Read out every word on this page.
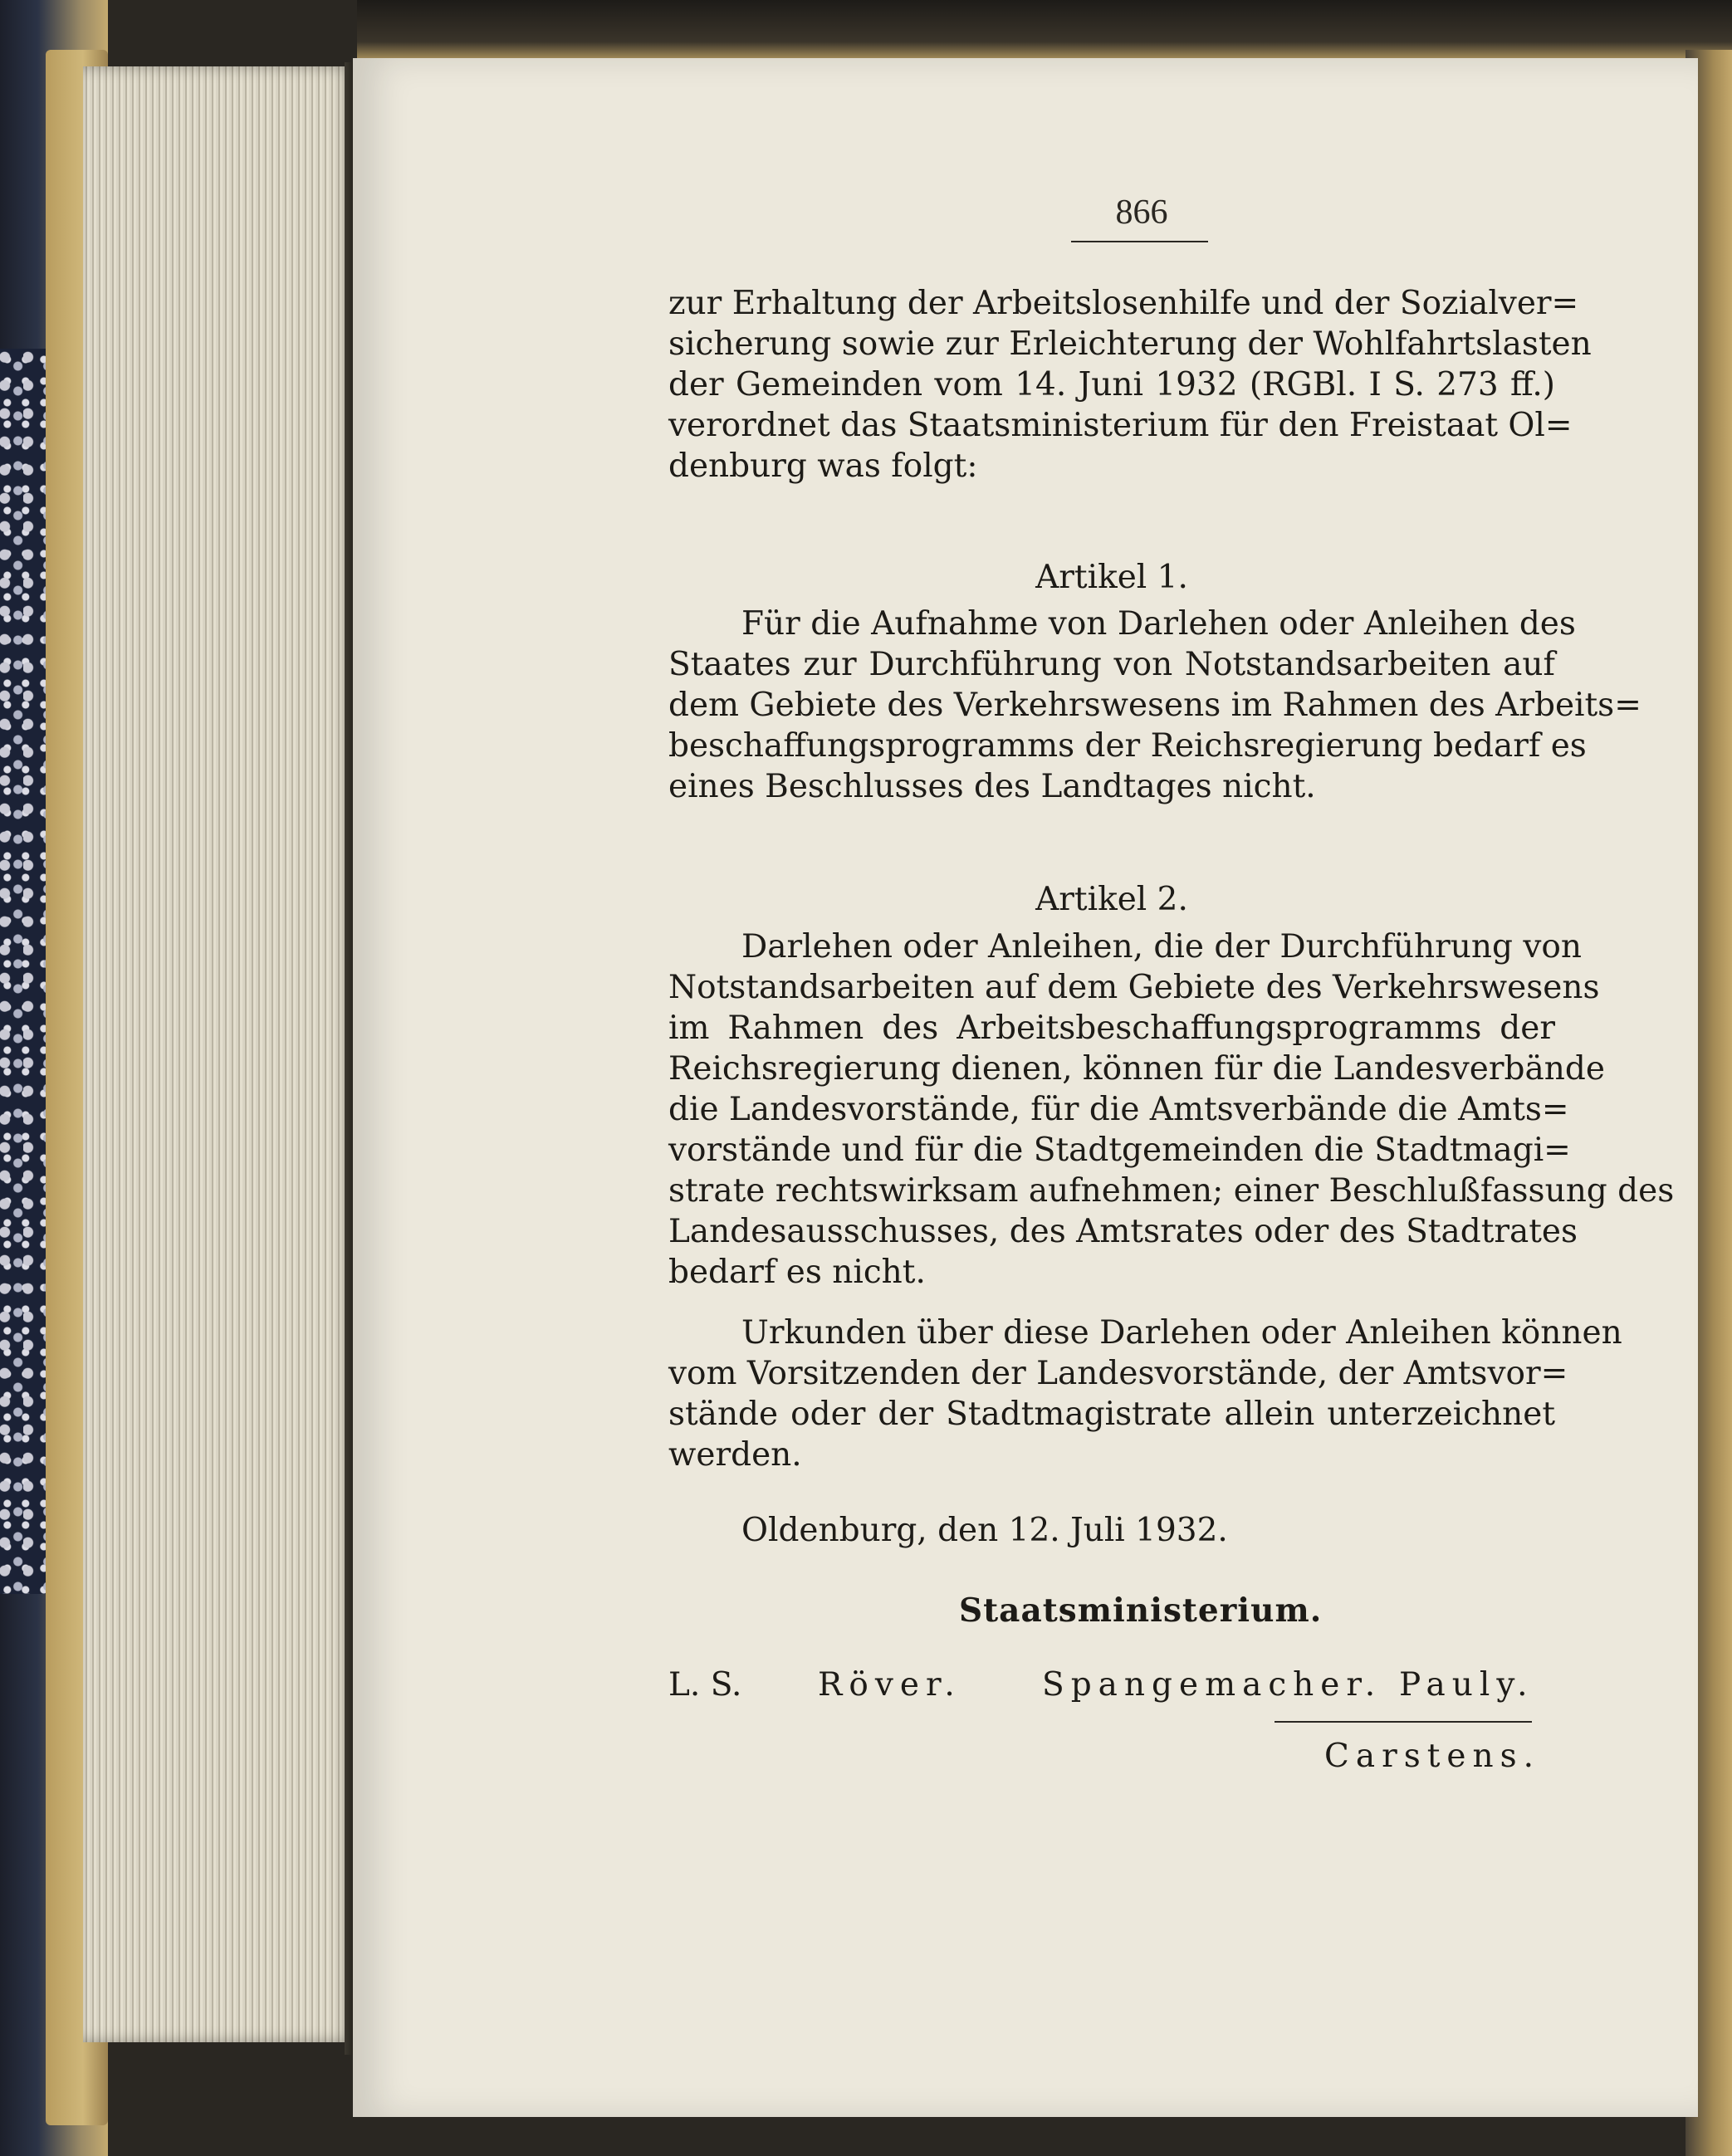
866
zur Erhaltung der Arbeitslosenhilfe und der Sozialver=
sicherung sowie zur Erleichterung der Wohlfahrtslasten
der Gemeinden vom 14. Juni 1932 (RGBl. I S. 273 ff.)
verordnet das Staatsministerium für den Freistaat Ol=
denburg was folgt:
Artikel 1.
Für die Aufnahme von Darlehen oder Anleihen des
Staates zur Durchführung von Notstandsarbeiten auf
dem Gebiete des Verkehrswesens im Rahmen des Arbeits=
beschaffungsprogramms der Reichsregierung bedarf es
eines Beschlusses des Landtages nicht.
Artikel 2.
Darlehen oder Anleihen, die der Durchführung von
Notstandsarbeiten auf dem Gebiete des Verkehrswesens
im Rahmen des Arbeitsbeschaffungsprogramms der
Reichsregierung dienen, können für die Landesverbände
die Landesvorstände, für die Amtsverbände die Amts=
vorstände und für die Stadtgemeinden die Stadtmagi=
strate rechtswirksam aufnehmen; einer Beschlußfassung des
Landesausschusses, des Amtsrates oder des Stadtrates
bedarf es nicht.
Urkunden über diese Darlehen oder Anleihen können
vom Vorsitzenden der Landesvorstände, der Amtsvor=
stände oder der Stadtmagistrate allein unterzeichnet
werden.
Oldenburg, den 12. Juli 1932.
Staatsministerium.
L. S.	Röver.	Spangemacher. Pauly.
Carstens.
